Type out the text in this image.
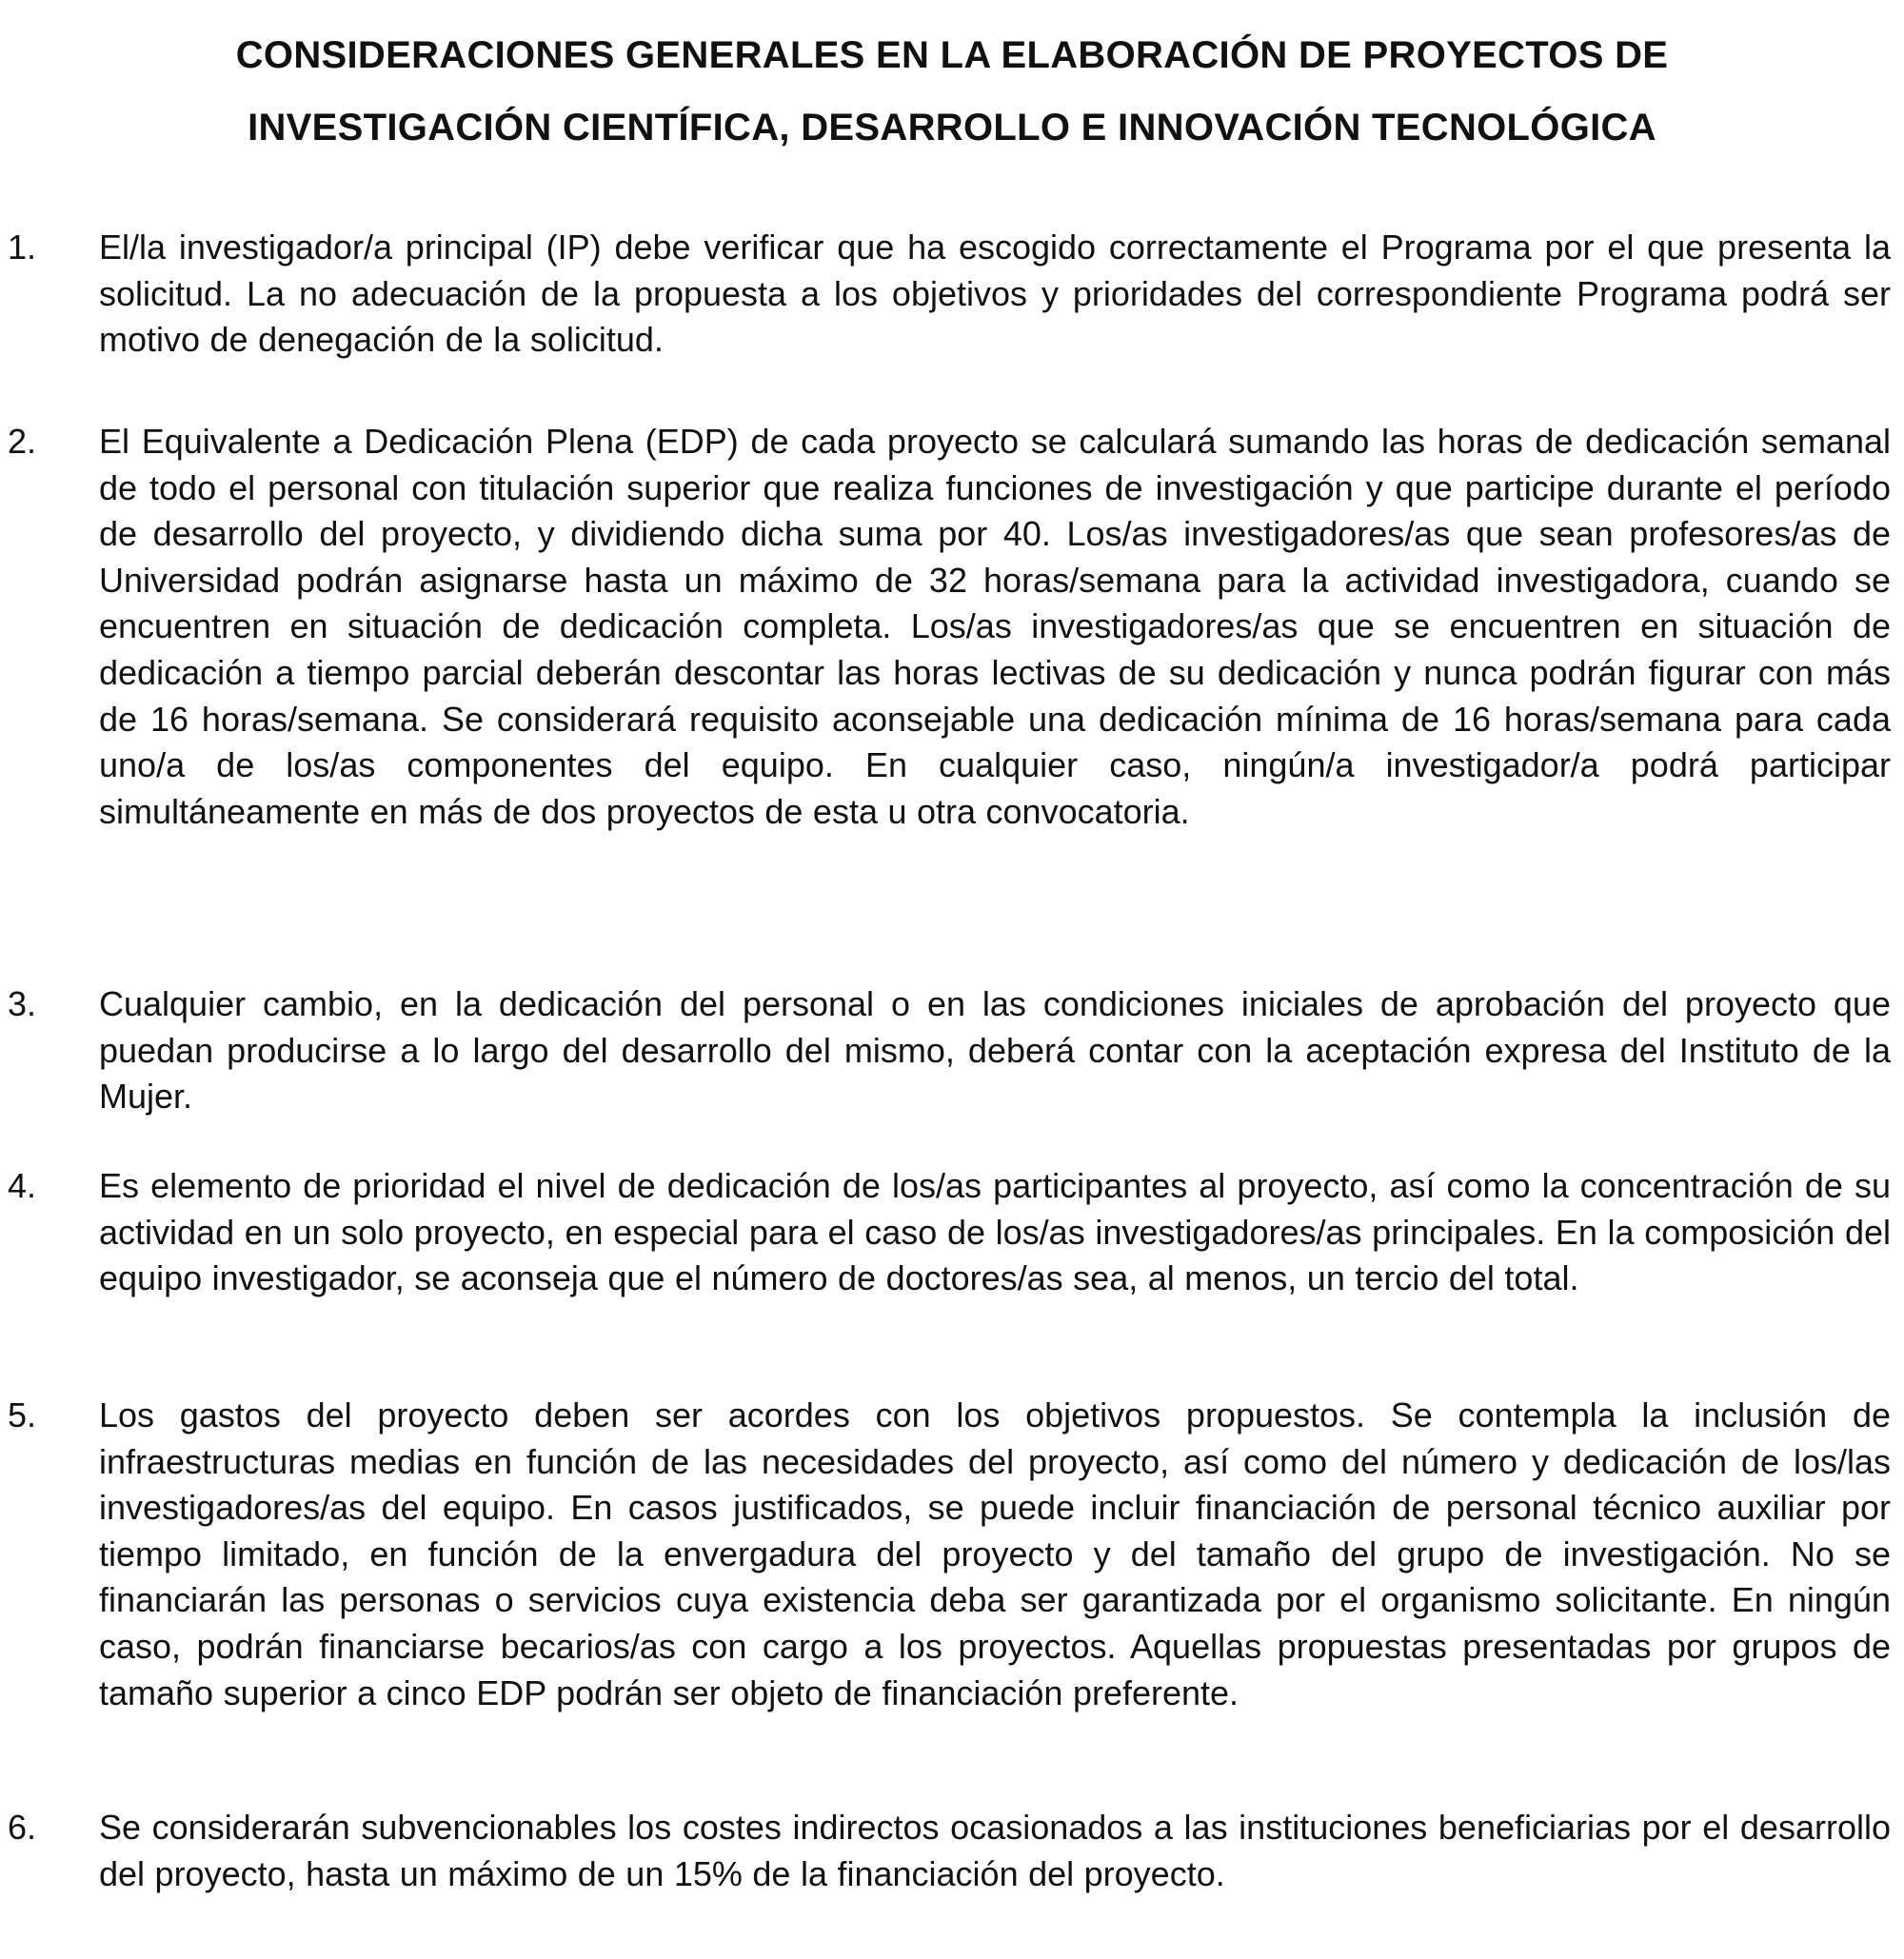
CONSIDERACIONES GENERALES EN LA ELABORACIÓN DE PROYECTOS DE
INVESTIGACIÓN CIENTÍFICA, DESARROLLO E INNOVACIÓN TECNOLÓGICA
1. El/la investigador/a principal (IP) debe verificar que ha escogido correctamente el Programa por el que presenta la solicitud. La no adecuación de la propuesta a los objetivos y prioridades del correspondiente Programa podrá ser motivo de denegación de la solicitud.
2. El Equivalente a Dedicación Plena (EDP) de cada proyecto se calculará sumando las horas de dedicación semanal de todo el personal con titulación superior que realiza funciones de investigación y que participe durante el período de desarrollo del proyecto, y dividiendo dicha suma por 40. Los/as investigadores/as que sean profesores/as de Universidad podrán asignarse hasta un máximo de 32 horas/semana para la actividad investigadora, cuando se encuentren en situación de dedicación completa. Los/as investigadores/as que se encuentren en situación de dedicación a tiempo parcial deberán descontar las horas lectivas de su dedicación y nunca podrán figurar con más de 16 horas/semana. Se considerará requisito aconsejable una dedicación mínima de 16 horas/semana para cada uno/a de los/as componentes del equipo. En cualquier caso, ningún/a investigador/a podrá participar simultáneamente en más de dos proyectos de esta u otra convocatoria.
3. Cualquier cambio, en la dedicación del personal o en las condiciones iniciales de aprobación del proyecto que puedan producirse a lo largo del desarrollo del mismo, deberá contar con la aceptación expresa del Instituto de la Mujer.
4. Es elemento de prioridad el nivel de dedicación de los/as participantes al proyecto, así como la concentración de su actividad en un solo proyecto, en especial para el caso de los/as investigadores/as principales. En la composición del equipo investigador, se aconseja que el número de doctores/as sea, al menos, un tercio del total.
5. Los gastos del proyecto deben ser acordes con los objetivos propuestos. Se contempla la inclusión de infraestructuras medias en función de las necesidades del proyecto, así como del número y dedicación de los/las investigadores/as del equipo. En casos justificados, se puede incluir financiación de personal técnico auxiliar por tiempo limitado, en función de la envergadura del proyecto y del tamaño del grupo de investigación. No se financiarán las personas o servicios cuya existencia deba ser garantizada por el organismo solicitante. En ningún caso, podrán financiarse becarios/as con cargo a los proyectos. Aquellas propuestas presentadas por grupos de tamaño superior a cinco EDP podrán ser objeto de financiación preferente.
6. Se considerarán subvencionables los costes indirectos ocasionados a las instituciones beneficiarias por el desarrollo del proyecto, hasta un máximo de un 15% de la financiación del proyecto.
